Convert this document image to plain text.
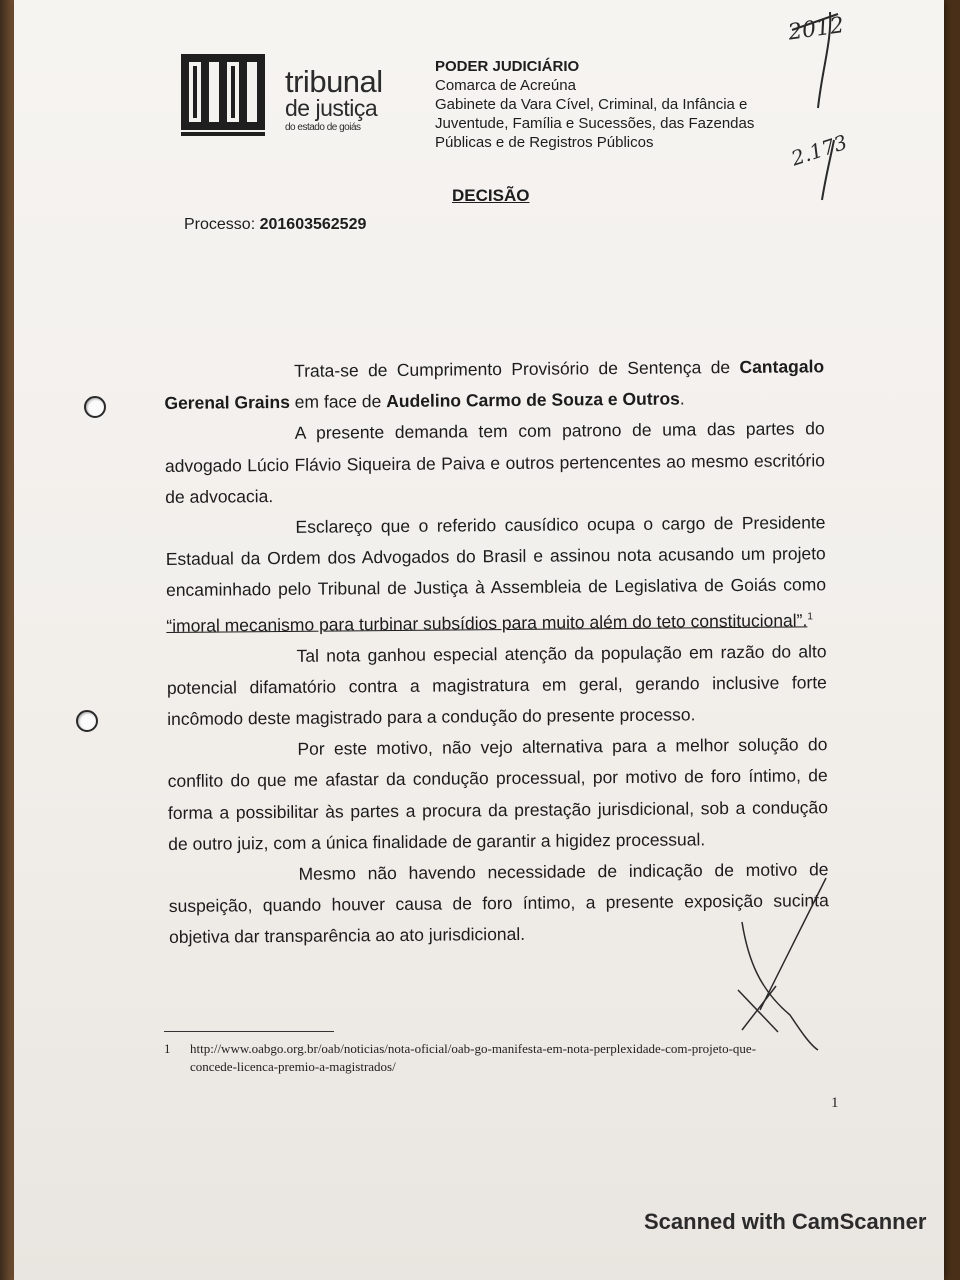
tribunal
de justiça
do estado de goiás
PODER JUDICIÁRIO
Comarca de Acreúna
Gabinete da Vara Cível, Criminal, da Infância e
Juventude, Família e Sucessões, das Fazendas
Públicas e de Registros Públicos
DECISÃO
Processo: 201603562529

Trata-se de Cumprimento Provisório de Sentença de Cantagalo Gerenal Grains em face de Audelino Carmo de Souza e Outros.

A presente demanda tem com patrono de uma das partes do advogado Lúcio Flávio Siqueira de Paiva e outros pertencentes ao mesmo escritório de advocacia.

Esclareço que o referido causídico ocupa o cargo de Presidente Estadual da Ordem dos Advogados do Brasil e assinou nota acusando um projeto encaminhado pelo Tribunal de Justiça à Assembleia de Legislativa de Goiás como “imoral mecanismo para turbinar subsídios para muito além do teto constitucional”.$^1$

Tal nota ganhou especial atenção da população em razão do alto potencial difamatório contra a magistratura em geral, gerando inclusive forte incômodo deste magistrado para a condução do presente processo.

Por este motivo, não vejo alternativa para a melhor solução do conflito do que me afastar da condução processual, por motivo de foro íntimo, de forma a possibilitar às partes a procura da prestação jurisdicional, sob a condução de outro juiz, com a única finalidade de garantir a higidez processual.

Mesmo não havendo necessidade de indicação de motivo de suspeição, quando houver causa de foro íntimo, a presente exposição sucinta objetiva dar transparência ao ato jurisdicional.

1 http://www.oabgo.org.br/oab/noticias/nota-oficial/oab-go-manifesta-em-nota-perplexidade-com-projeto-que-
concede-licenca-premio-a-magistrados/
1
Scanned with CamScanner
2012
2.173
